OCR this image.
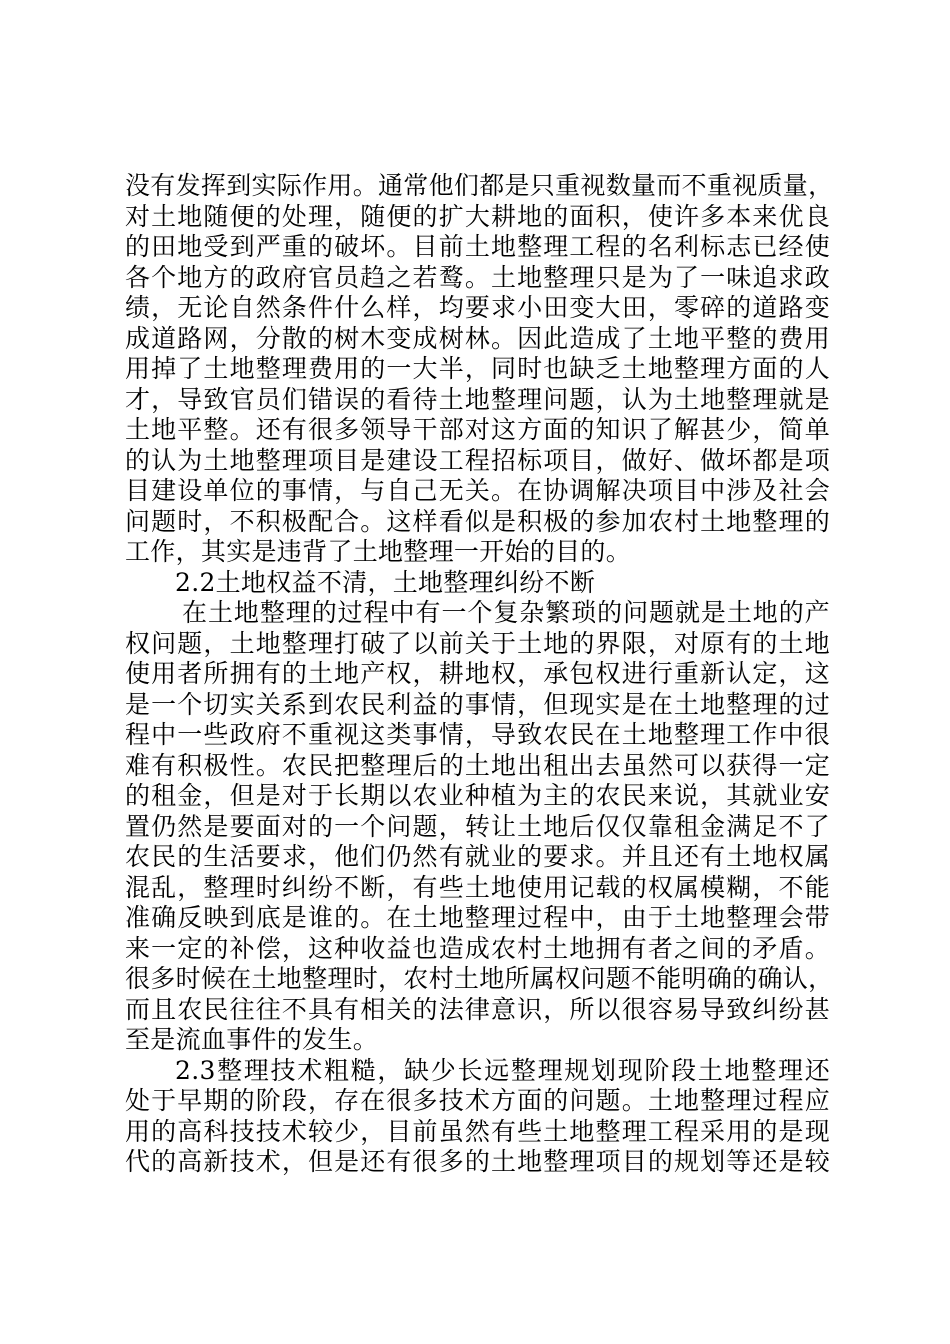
没有发挥到实际作用。通常他们都是只重视数量而不重视质量，
对土地随便的处理，随便的扩大耕地的面积，使许多本来优良
的田地受到严重的破坏。目前土地整理工程的名利标志已经使
各个地方的政府官员趋之若鹜。土地整理只是为了一味追求政
绩，无论自然条件什么样，均要求小田变大田，零碎的道路变
成道路网，分散的树木变成树林。因此造成了土地平整的费用
用掉了土地整理费用的一大半，同时也缺乏土地整理方面的人
才，导致官员们错误的看待土地整理问题，认为土地整理就是
土地平整。还有很多领导干部对这方面的知识了解甚少，简单
的认为土地整理项目是建设工程招标项目，做好、做坏都是项
目建设单位的事情，与自己无关。在协调解决项目中涉及社会
问题时，不积极配合。这样看似是积极的参加农村土地整理的
工作，其实是违背了土地整理一开始的目的。
2.2土地权益不清，土地整理纠纷不断
在土地整理的过程中有一个复杂繁琐的问题就是土地的产
权问题，土地整理打破了以前关于土地的界限，对原有的土地
使用者所拥有的土地产权，耕地权，承包权进行重新认定，这
是一个切实关系到农民利益的事情，但现实是在土地整理的过
程中一些政府不重视这类事情，导致农民在土地整理工作中很
难有积极性。农民把整理后的土地出租出去虽然可以获得一定
的租金，但是对于长期以农业种植为主的农民来说，其就业安
置仍然是要面对的一个问题，转让土地后仅仅靠租金满足不了
农民的生活要求，他们仍然有就业的要求。并且还有土地权属
混乱，整理时纠纷不断，有些土地使用记载的权属模糊，不能
准确反映到底是谁的。在土地整理过程中，由于土地整理会带
来一定的补偿，这种收益也造成农村土地拥有者之间的矛盾。
很多时候在土地整理时，农村土地所属权问题不能明确的确认，
而且农民往往不具有相关的法律意识，所以很容易导致纠纷甚
至是流血事件的发生。
2.3整理技术粗糙，缺少长远整理规划现阶段土地整理还
处于早期的阶段，存在很多技术方面的问题。土地整理过程应
用的高科技技术较少，目前虽然有些土地整理工程采用的是现
代的高新技术，但是还有很多的土地整理项目的规划等还是较
